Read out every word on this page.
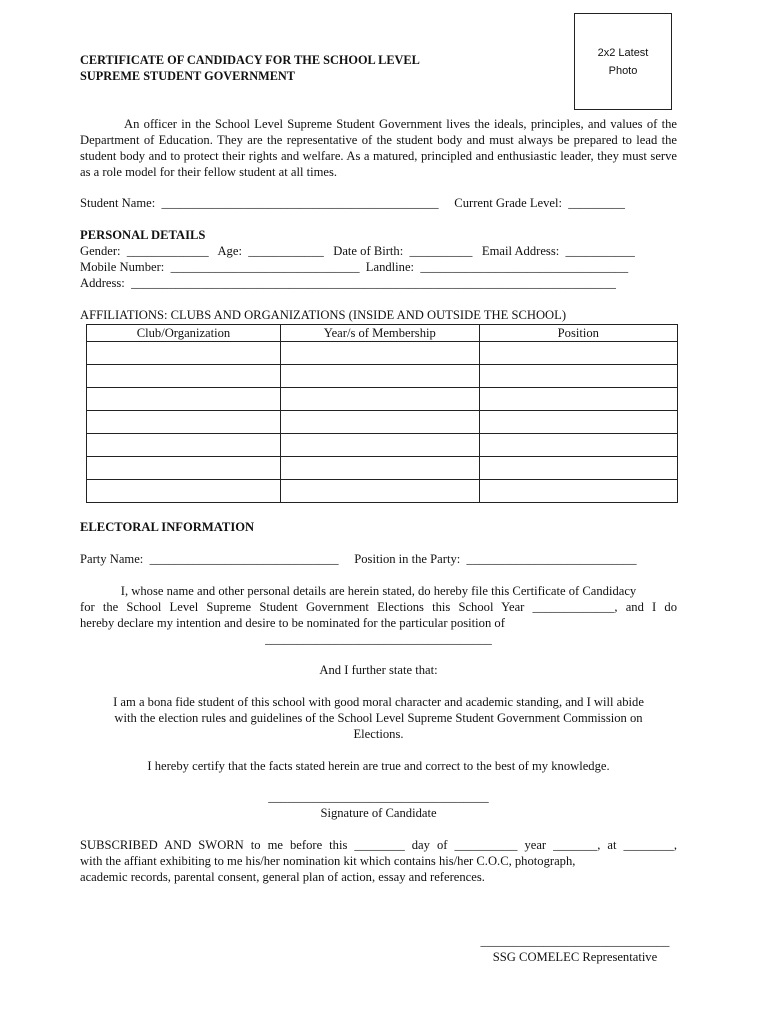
2x2 Latest
Photo
CERTIFICATE OF CANDIDACY FOR THE SCHOOL LEVEL
SUPREME STUDENT GOVERNMENT
An officer in the School Level Supreme Student Government lives the ideals, principles, and values of the Department of Education. They are the representative of the student body and must always be prepared to lead the student body and to protect their rights and welfare. As a matured, principled and enthusiastic leader, they must serve as a role model for their fellow student at all times.
Student Name:  ____________________________________________     Current Grade Level:  _________
PERSONAL DETAILS
Gender:  _____________   Age:  ____________   Date of Birth:  __________   Email Address:  ___________
Mobile Number:  ______________________________  Landline:  _________________________________
Address:  _____________________________________________________________________________
AFFILIATIONS: CLUBS AND ORGANIZATIONS (INSIDE AND OUTSIDE THE SCHOOL)
Club/Organization	Year/s of Membership	Position

ELECTORAL INFORMATION
Party Name:  ______________________________     Position in the Party:  ___________________________
I, whose name and other personal details are herein stated, do hereby file this Certificate of Candidacy
for the School Level Supreme Student Government Elections this School Year _____________, and I do
hereby declare my intention and desire to be nominated for the particular position of
____________________________________
And I further state that:
I am a bona fide student of this school with good moral character and academic standing, and I will abide
with the election rules and guidelines of the School Level Supreme Student Government Commission on
Elections.
I hereby certify that the facts stated herein are true and correct to the best of my knowledge.
___________________________________
Signature of Candidate
SUBSCRIBED AND SWORN to me before this ________ day of __________ year _______, at ________,
with the affiant exhibiting to me his/her nomination kit which contains his/her C.O.C, photograph,
academic records, parental consent, general plan of action, essay and references.
______________________________
SSG COMELEC Representative
